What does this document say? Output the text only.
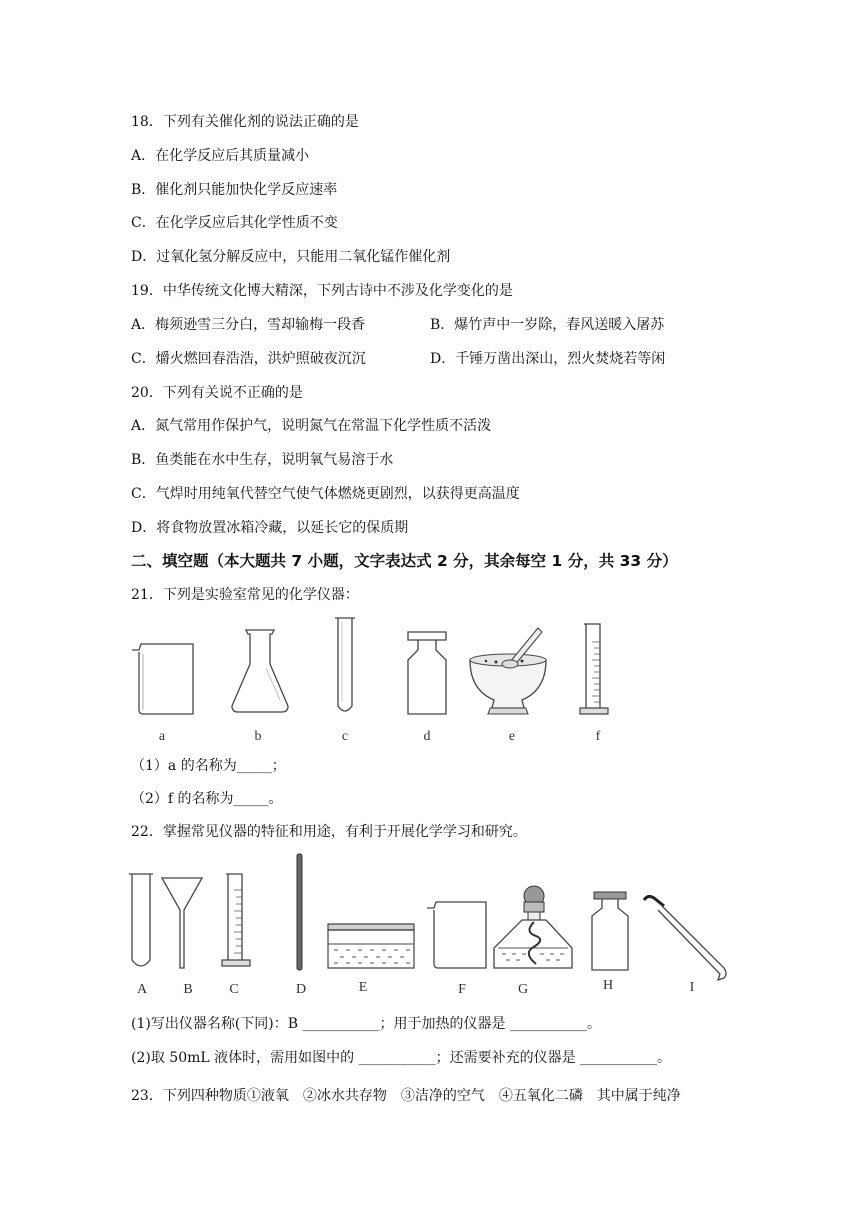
18．下列有关催化剂的说法正确的是
A．在化学反应后其质量减小
B．催化剂只能加快化学反应速率
C．在化学反应后其化学性质不变
D．过氧化氢分解反应中，只能用二氧化锰作催化剂
19．中华传统文化博大精深，下列古诗中不涉及化学变化的是
A．梅须逊雪三分白，雪却输梅一段香	B．爆竹声中一岁除，春风送暖入屠苏
C．爝火燃回春浩浩，洪炉照破夜沉沉	D．千锤万凿出深山，烈火焚烧若等闲
20．下列有关说不正确的是
A．氮气常用作保护气，说明氮气在常温下化学性质不活泼
B．鱼类能在水中生存，说明氧气易溶于水
C．气焊时用纯氧代替空气使气体燃烧更剧烈，以获得更高温度
D．将食物放置冰箱冷藏，以延长它的保质期
二、填空题（本大题共 7 小题，文字表达式 2 分，其余每空 1 分，共 33 分）
21．下列是实验室常见的化学仪器：
a	b	c	d	e	f
（1）a 的名称为_____；
（2）f 的名称为_____。
22．掌握常见仪器的特征和用途，有利于开展化学学习和研究。
A	B	C	D	E	F	G	H	I
(1)写出仪器名称(下同)：B ___________；用于加热的仪器是 ___________。
(2)取 50mL 液体时，需用如图中的 ___________；还需要补充的仪器是 ___________。
23．下列四种物质①液氧　②冰水共存物　③洁净的空气　④五氧化二磷　其中属于纯净
